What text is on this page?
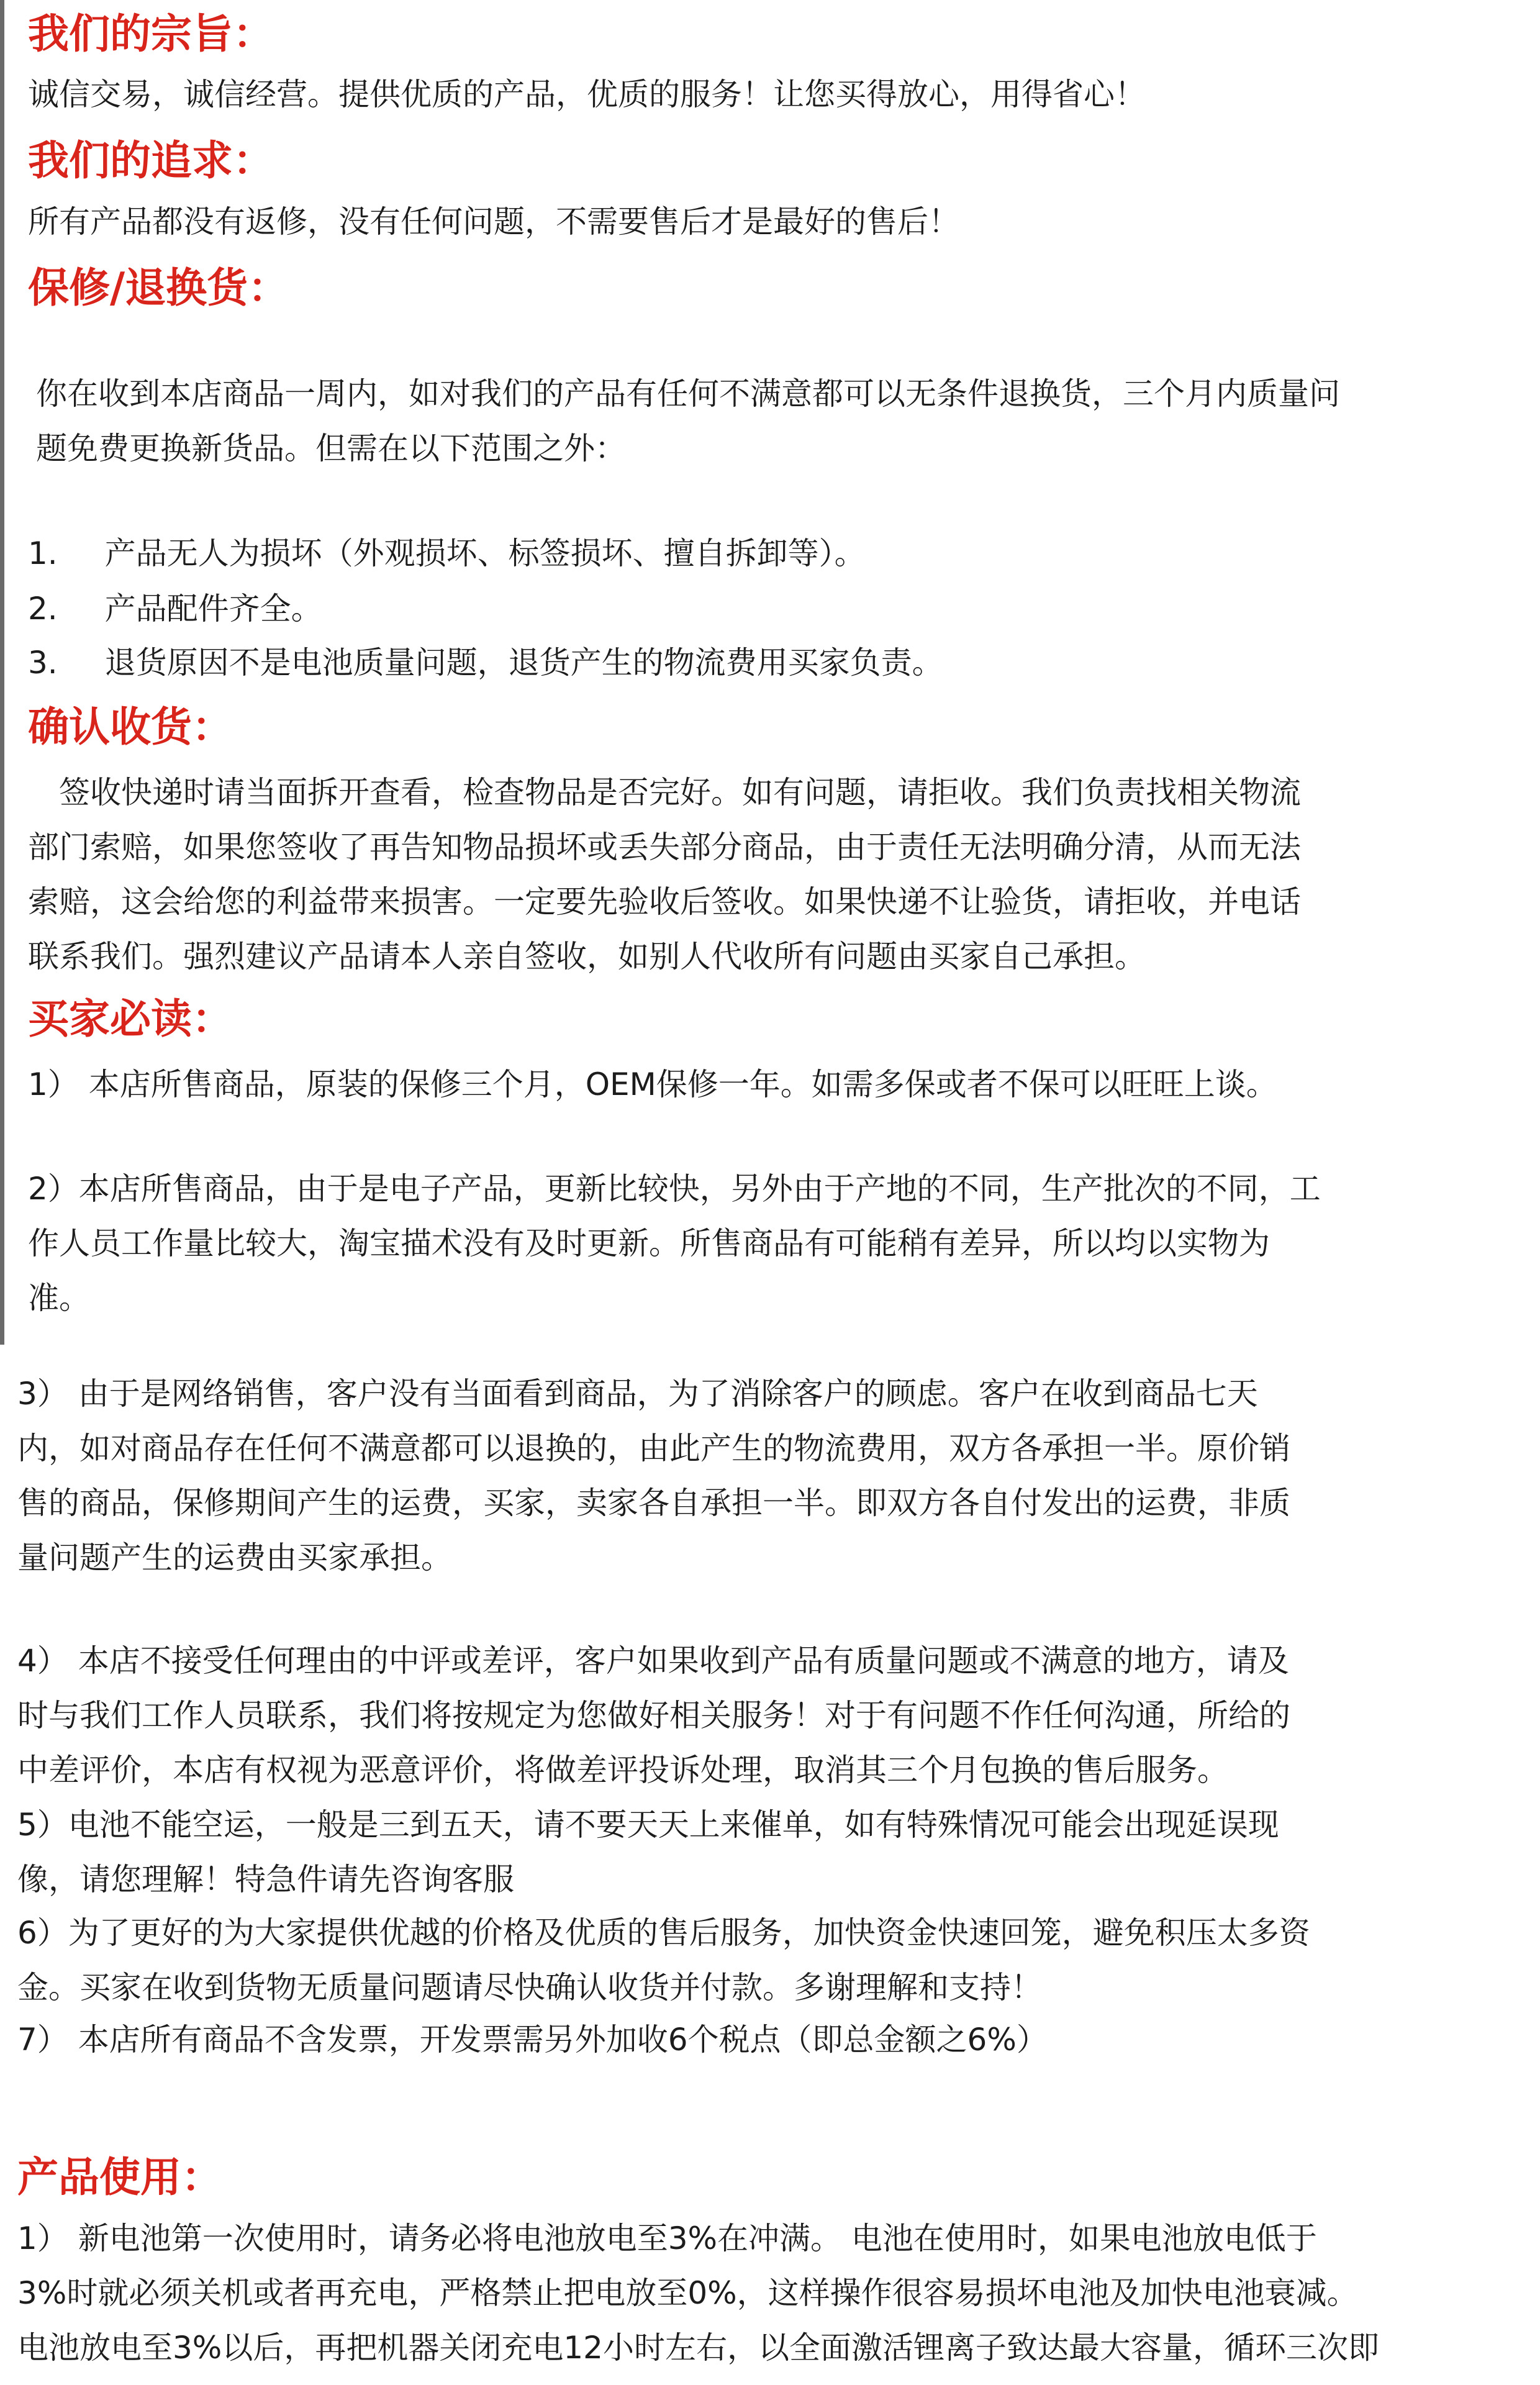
我们的宗旨：
诚信交易，诚信经营。提供优质的产品，优质的服务！让您买得放心，用得省心！
我们的追求：
所有产品都没有返修，没有任何问题，不需要售后才是最好的售后！
保修/退换货：
你在收到本店商品一周内，如对我们的产品有任何不满意都可以无条件退换货，三个月内质量问
题免费更换新货品。但需在以下范围之外：
1. 产品无人为损坏（外观损坏、标签损坏、擅自拆卸等）。
2. 产品配件齐全。
3. 退货原因不是电池质量问题，退货产生的物流费用买家负责。
确认收货：
签收快递时请当面拆开查看，检查物品是否完好。如有问题，请拒收。我们负责找相关物流
部门索赔，如果您签收了再告知物品损坏或丢失部分商品，由于责任无法明确分清，从而无法
索赔，这会给您的利益带来损害。一定要先验收后签收。如果快递不让验货，请拒收，并电话
联系我们。强烈建议产品请本人亲自签收，如别人代收所有问题由买家自己承担。
买家必读：
1） 本店所售商品，原装的保修三个月，OEM保修一年。如需多保或者不保可以旺旺上谈。
2）本店所售商品，由于是电子产品，更新比较快，另外由于产地的不同，生产批次的不同，工
作人员工作量比较大，淘宝描术没有及时更新。所售商品有可能稍有差异，所以均以实物为
准。
3） 由于是网络销售，客户没有当面看到商品，为了消除客户的顾虑。客户在收到商品七天
内，如对商品存在任何不满意都可以退换的，由此产生的物流费用，双方各承担一半。原价销
售的商品，保修期间产生的运费，买家，卖家各自承担一半。即双方各自付发出的运费，非质
量问题产生的运费由买家承担。
4） 本店不接受任何理由的中评或差评，客户如果收到产品有质量问题或不满意的地方，请及
时与我们工作人员联系，我们将按规定为您做好相关服务！对于有问题不作任何沟通，所给的
中差评价，本店有权视为恶意评价，将做差评投诉处理，取消其三个月包换的售后服务。
5）电池不能空运，一般是三到五天，请不要天天上来催单，如有特殊情况可能会出现延误现
像，请您理解！特急件请先咨询客服
6）为了更好的为大家提供优越的价格及优质的售后服务，加快资金快速回笼，避免积压太多资
金。买家在收到货物无质量问题请尽快确认收货并付款。多谢理解和支持！
7） 本店所有商品不含发票，开发票需另外加收6个税点（即总金额之6%）
产品使用：
1） 新电池第一次使用时，请务必将电池放电至3%在冲满。 电池在使用时，如果电池放电低于
3%时就必须关机或者再充电，严格禁止把电放至0%，这样操作很容易损坏电池及加快电池衰减。
电池放电至3%以后，再把机器关闭充电12小时左右，以全面激活锂离子致达最大容量，循环三次即
